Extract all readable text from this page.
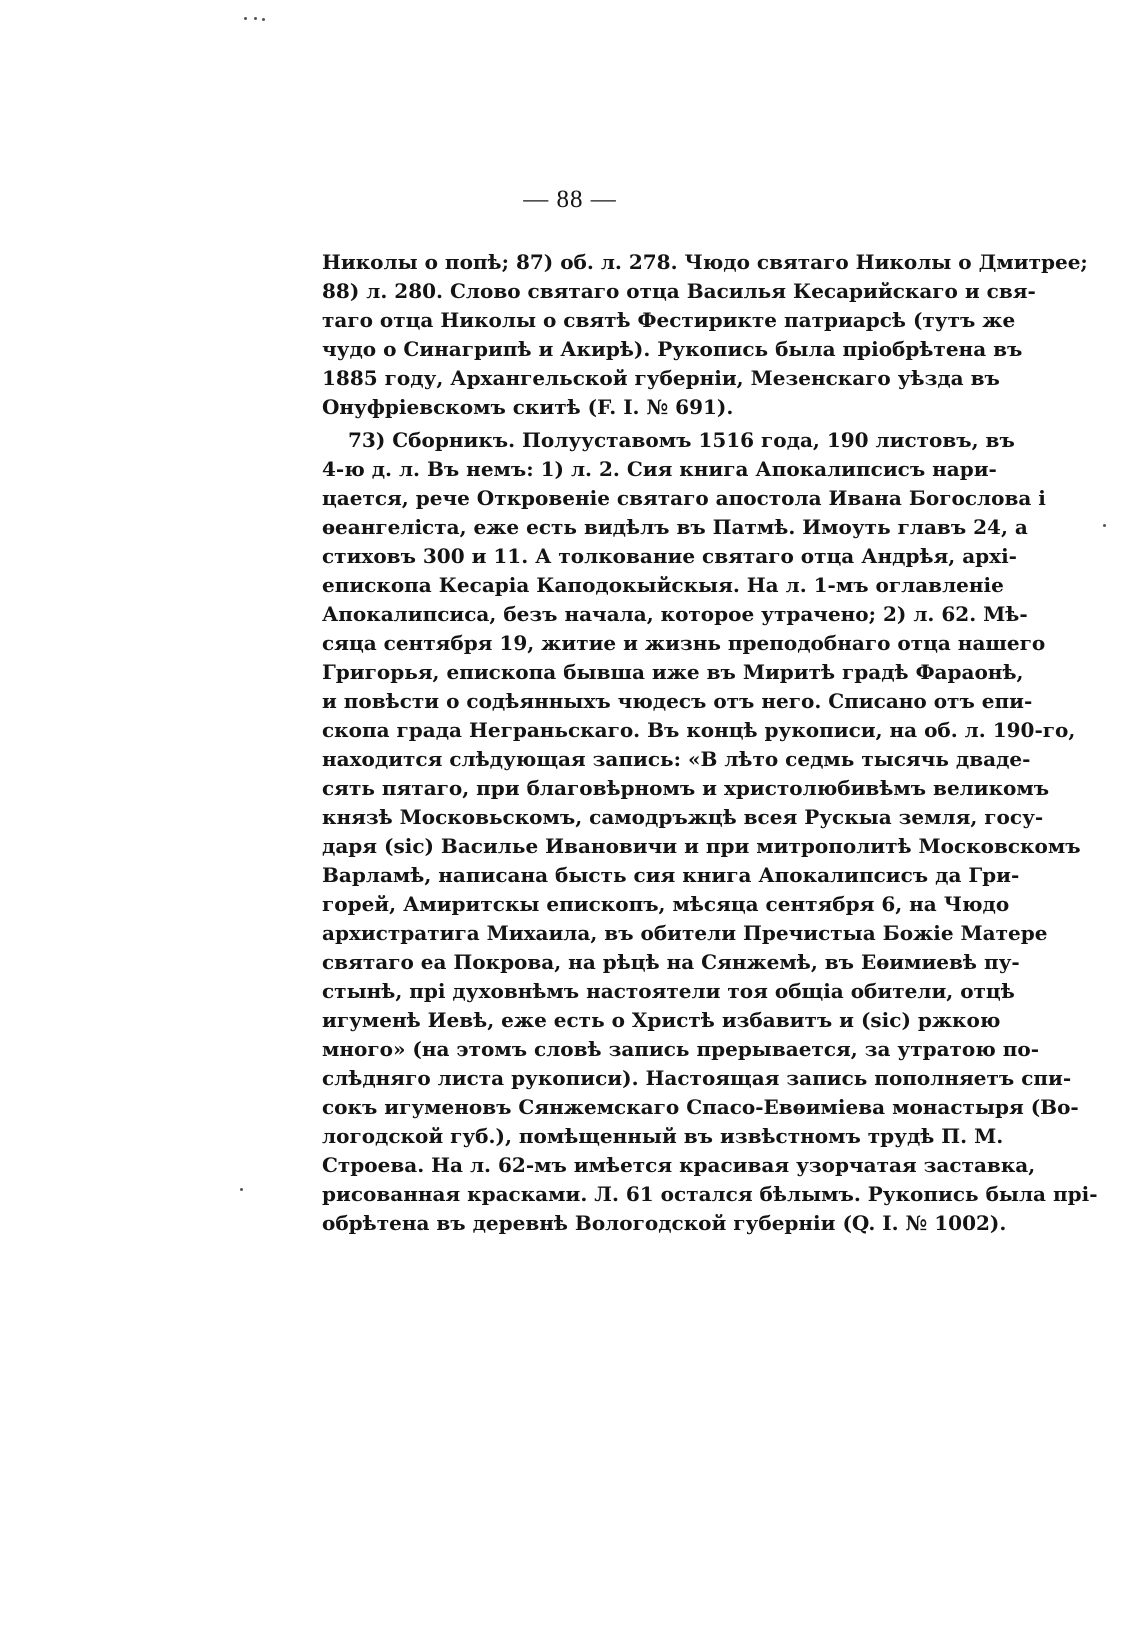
— 88 —
Николы о попѣ; 87) об. л. 278. Чюдо святаго Николы о Дмитрее;
88) л. 280. Слово святаго отца Василья Кесарийскаго и свя-
таго отца Николы о святѣ Фестирикте патриарсѣ (тутъ же
чудо о Синагрипѣ и Акирѣ). Рукопись была пріобрѣтена въ
1885 году, Архангельской губерніи, Мезенскаго уѣзда въ
Онуфріевскомъ скитѣ (F. I. № 691).
73) Сборникъ. Полууставомъ 1516 года, 190 листовъ, въ
4-ю д. л. Въ немъ: 1) л. 2. Сия книга Апокалипсисъ нари-
цается, рече Откровеніе святаго апостола Ивана Богослова і
ѳеангеліста, еже есть видѣлъ въ Патмѣ. Имоуть главъ 24, а
стиховъ 300 и 11. А толкование святаго отца Андрѣя, архі-
епископа Кесаріа Каподокыйскыя. На л. 1-мъ оглавленіе
Апокалипсиса, безъ начала, которое утрачено; 2) л. 62. Мѣ-
сяца сентября 19, житие и жизнь преподобнаго отца нашего
Григорья, епископа бывша иже въ Миритѣ градѣ Фараонѣ,
и повѣсти о содѣянныхъ чюдесъ отъ него. Списано отъ епи-
скопа града Неграньскаго. Въ концѣ рукописи, на об. л. 190-го,
находится слѣдующая запись: «В лѣто седмь тысячь двадe-
сять пятаго, при благовѣрномъ и христолюбивѣмъ великомъ
князѣ Московьскомъ, самодръжцѣ всея Рускыа земля, госу-
даря (sic) Василье Ивановичи и при митрополитѣ Московскомъ
Варламѣ, написана бысть сия книга Апокалипсисъ да Гри-
горей, Амиритскы епископъ, мѣсяца сентября 6, на Чюдо
архистратига Михаила, въ обители Пречистыа Божіе Матере
святаго еа Покрова, на рѣцѣ на Сянжемѣ, въ Еѳимиевѣ пу-
стынѣ, прі духовнѣмъ настоятели тоя общіа обители, отцѣ
игуменѣ Иевѣ, еже есть о Христѣ избавитъ и (sic) ржкою
много» (на этомъ словѣ запись прерывается, за утратою по-
слѣдняго листа рукописи). Настоящая запись пополняетъ спи-
сокъ игуменовъ Сянжемскаго Спасо-Евѳиміева монастыря (Во-
логодской губ.), помѣщенный въ извѣстномъ трудѣ П. М.
Строева. На л. 62-мъ имѣется красивая узорчатая заставка,
рисованная красками. Л. 61 остался бѣлымъ. Рукопись была прі-
обрѣтена въ деревнѣ Вологодской губерніи (Q. I. № 1002).
